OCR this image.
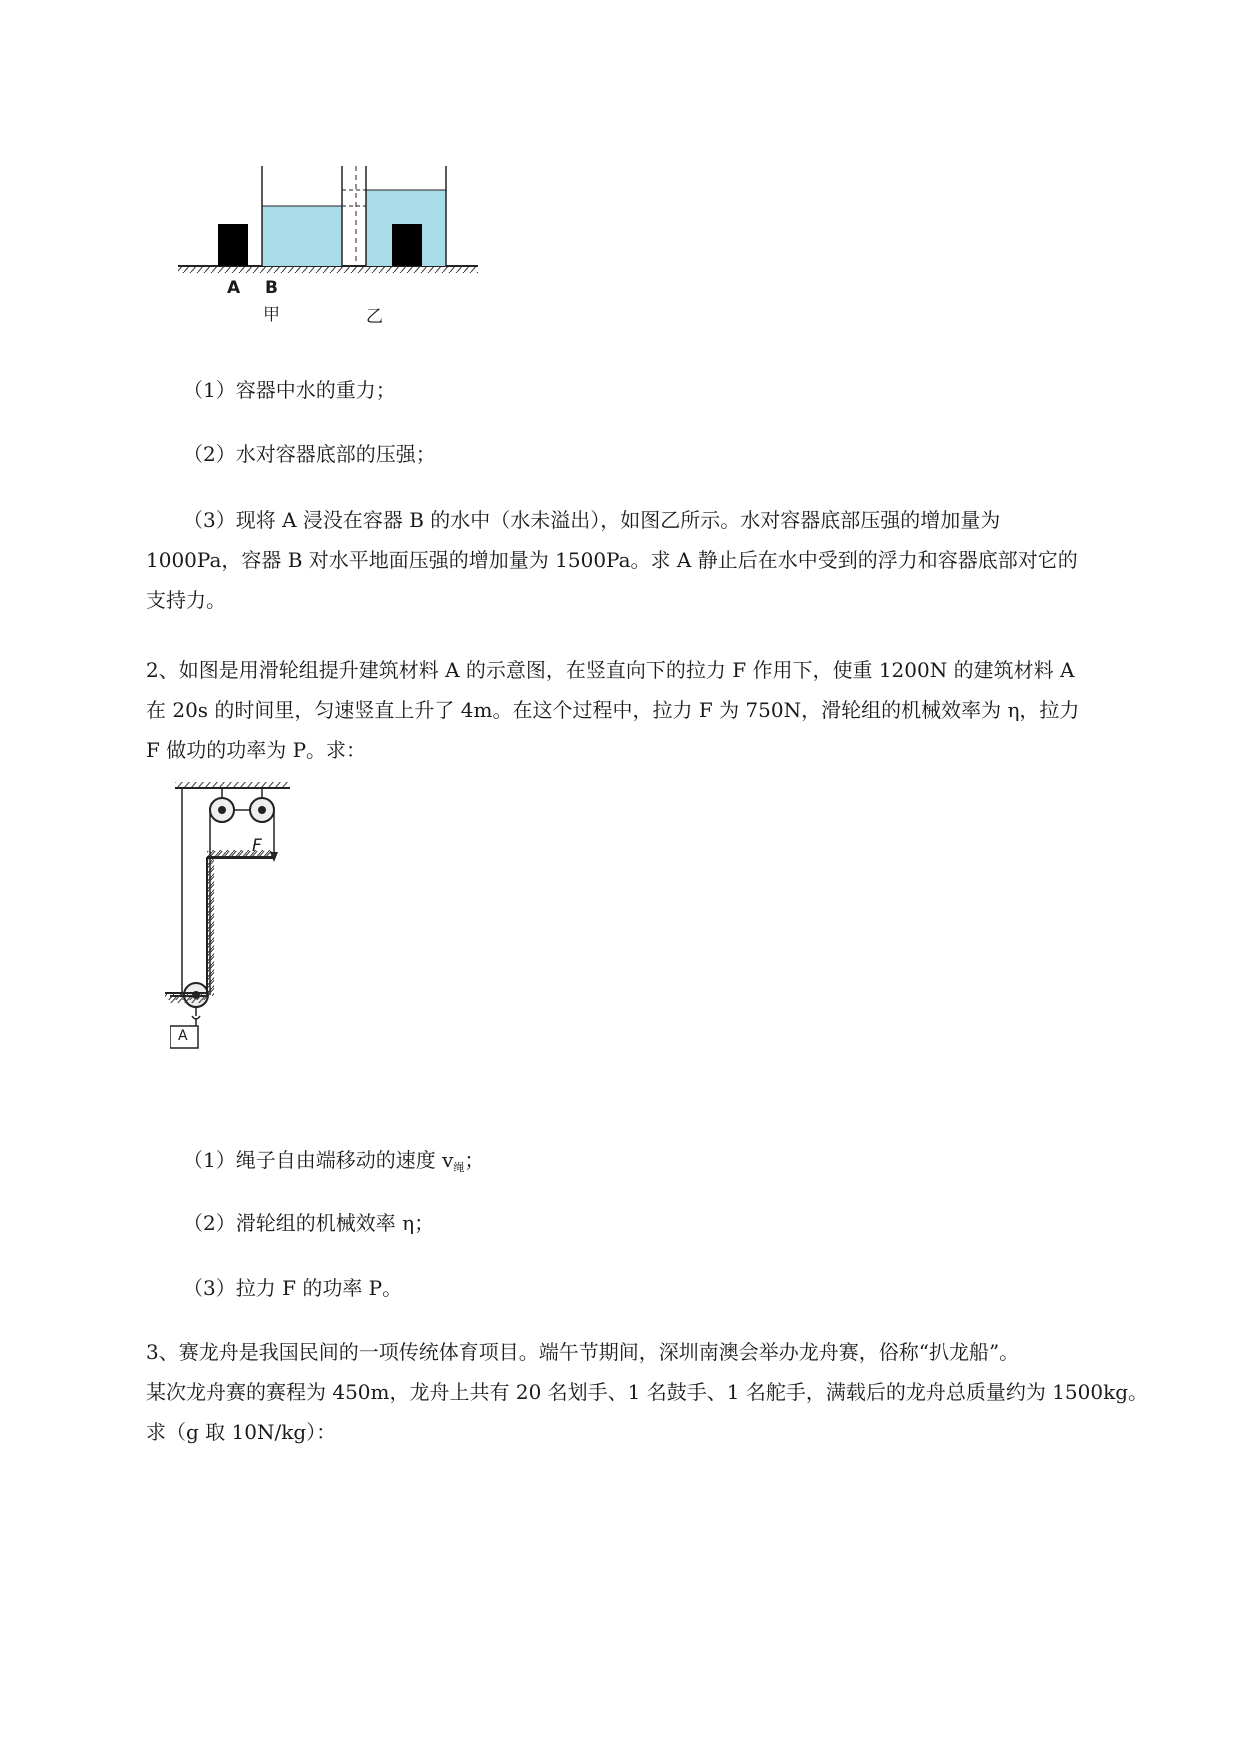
A B
甲	乙
（1）容器中水的重力；
（2）水对容器底部的压强；
（3）现将 A 浸没在容器 B 的水中（水未溢出），如图乙所示。水对容器底部压强的增加量为
1000Pa，容器 B 对水平地面压强的增加量为 1500Pa。求 A 静止后在水中受到的浮力和容器底部对它的
支持力。
2、如图是用滑轮组提升建筑材料 A 的示意图，在竖直向下的拉力 F 作用下，使重 1200N 的建筑材料 A
在 20s 的时间里，匀速竖直上升了 4m。在这个过程中，拉力 F 为 750N，滑轮组的机械效率为 η，拉力
F 做功的功率为 P。求：
F
A
（1）绳子自由端移动的速度 $v_绳$；
（2）滑轮组的机械效率 η；
（3）拉力 F 的功率 P。
3、赛龙舟是我国民间的一项传统体育项目。端午节期间，深圳南澳会举办龙舟赛，俗称“扒龙船”。
某次龙舟赛的赛程为 450m，龙舟上共有 20 名划手、1 名鼓手、1 名舵手，满载后的龙舟总质量约为 1500kg。
求（g 取 10N/kg）：
